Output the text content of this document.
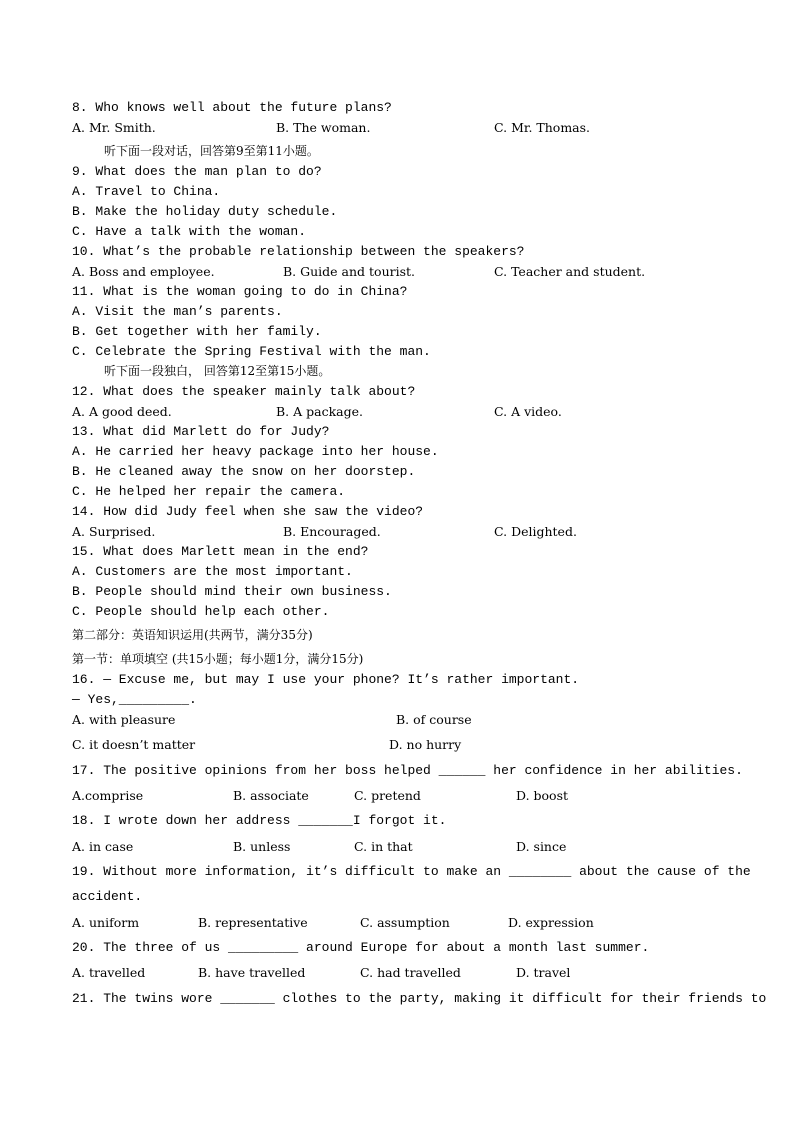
8. Who knows well about the future plans?
A. Mr. Smith.	B. The woman.	C. Mr. Thomas.
听下面一段对话，回答第9至第11小题。
9. What does the man plan to do?
A. Travel to China.
B. Make the holiday duty schedule.
C. Have a talk with the woman.
10. What’s the probable relationship between the speakers?
A. Boss and employee.	B. Guide and tourist.	C. Teacher and student.
11. What is the woman going to do in China?
A. Visit the man’s parents.
B. Get together with her family.
C. Celebrate the Spring Festival with the man.
听下面一段独白， 回答第12至第15小题。
12. What does the speaker mainly talk about?
A. A good deed.	B. A package.	C. A video.
13. What did Marlett do for Judy?
A. He carried her heavy package into her house.
B. He cleaned away the snow on her doorstep.
C. He helped her repair the camera.
14. How did Judy feel when she saw the video?
A. Surprised.	B. Encouraged.	C. Delighted.
15. What does Marlett mean in the end?
A. Customers are the most important.
B. People should mind their own business.
C. People should help each other.
第二部分：英语知识运用(共两节，满分35分)
第一节：单项填空 (共15小题；每小题1分，满分15分)
16. — Excuse me, but may I use your phone? It’s rather important.
— Yes,_________.
A. with pleasure	B. of course
C. it doesn’t matter	D. no hurry
17. The positive opinions from her boss helped ______ her confidence in her abilities.
A.comprise	B. associate	C. pretend	D. boost
18. I wrote down her address _______I forgot it.
A. in case	B. unless	C. in that	D. since
19. Without more information, it’s difficult to make an ________ about the cause of the
accident.
A. uniform	B. representative	C. assumption	D. expression
20. The three of us _________ around Europe for about a month last summer.
A. travelled	B. have travelled	C. had travelled	D. travel
21. The twins wore _______ clothes to the party, making it difficult for their friends to
